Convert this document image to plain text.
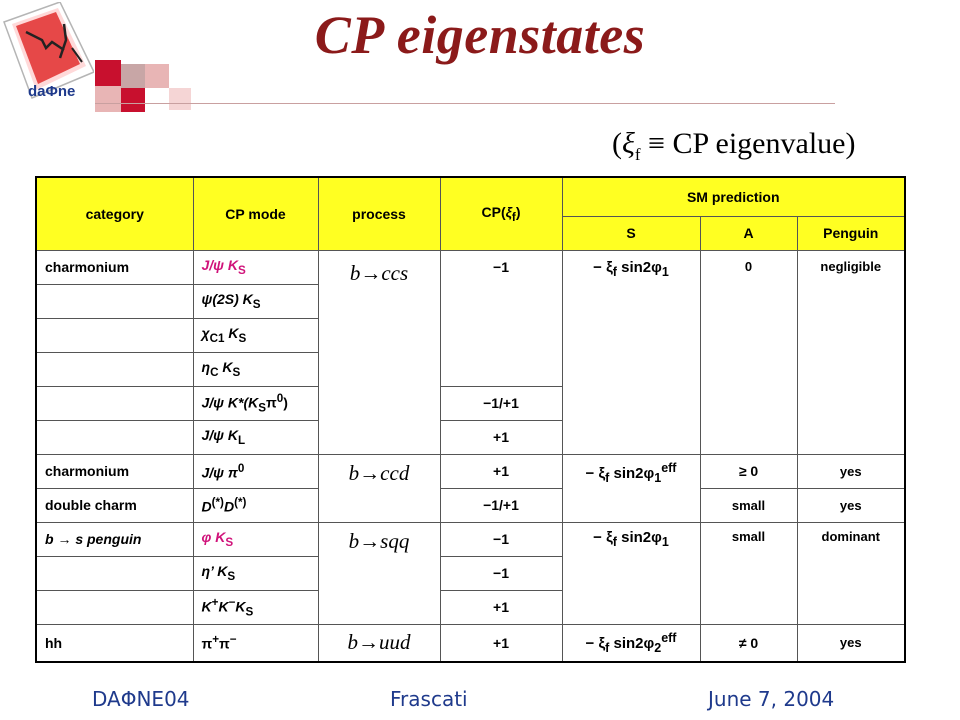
daΦne
CP eigenstates
($\xi_f$ ≡ CP eigenvalue)
category	CP mode	process	$CP(\xi_f)$	SM prediction		
				S	A	Penguin
charmonium	J/ψ $K_S$	b→ccs	−1	− $\xi_f$ $\sin 2\varphi_1$	0	negligible
	ψ(2S) $K_S$
	$\chi_{C1}$ $K_S$
	$\eta_C$ $K_S$
	J/ψ $K*(K_S\pi^0)$		−1/+1			
	J/ψ $K_L$		+1			
charmonium	J/ψ $\pi^0$	b→ccd	+1	− $\xi_f$ $\sin 2\varphi_1^{eff}$	≥ 0	yes
double charm	D(*)D(*)		−1/+1		small	yes
b → s penguin	φ $K_S$	b→sqq	−1	− $\xi_f$ $\sin 2\varphi_1$	small	dominant
	η’ $K_S$		−1			
	$K^+K^-K_S$		+1			
hh	π+π−	b→uud	+1	− $\xi_f$ $\sin 2\varphi_2^{eff}$	≠ 0	yes
DAΦNE04	Frascati	June 7, 2004
